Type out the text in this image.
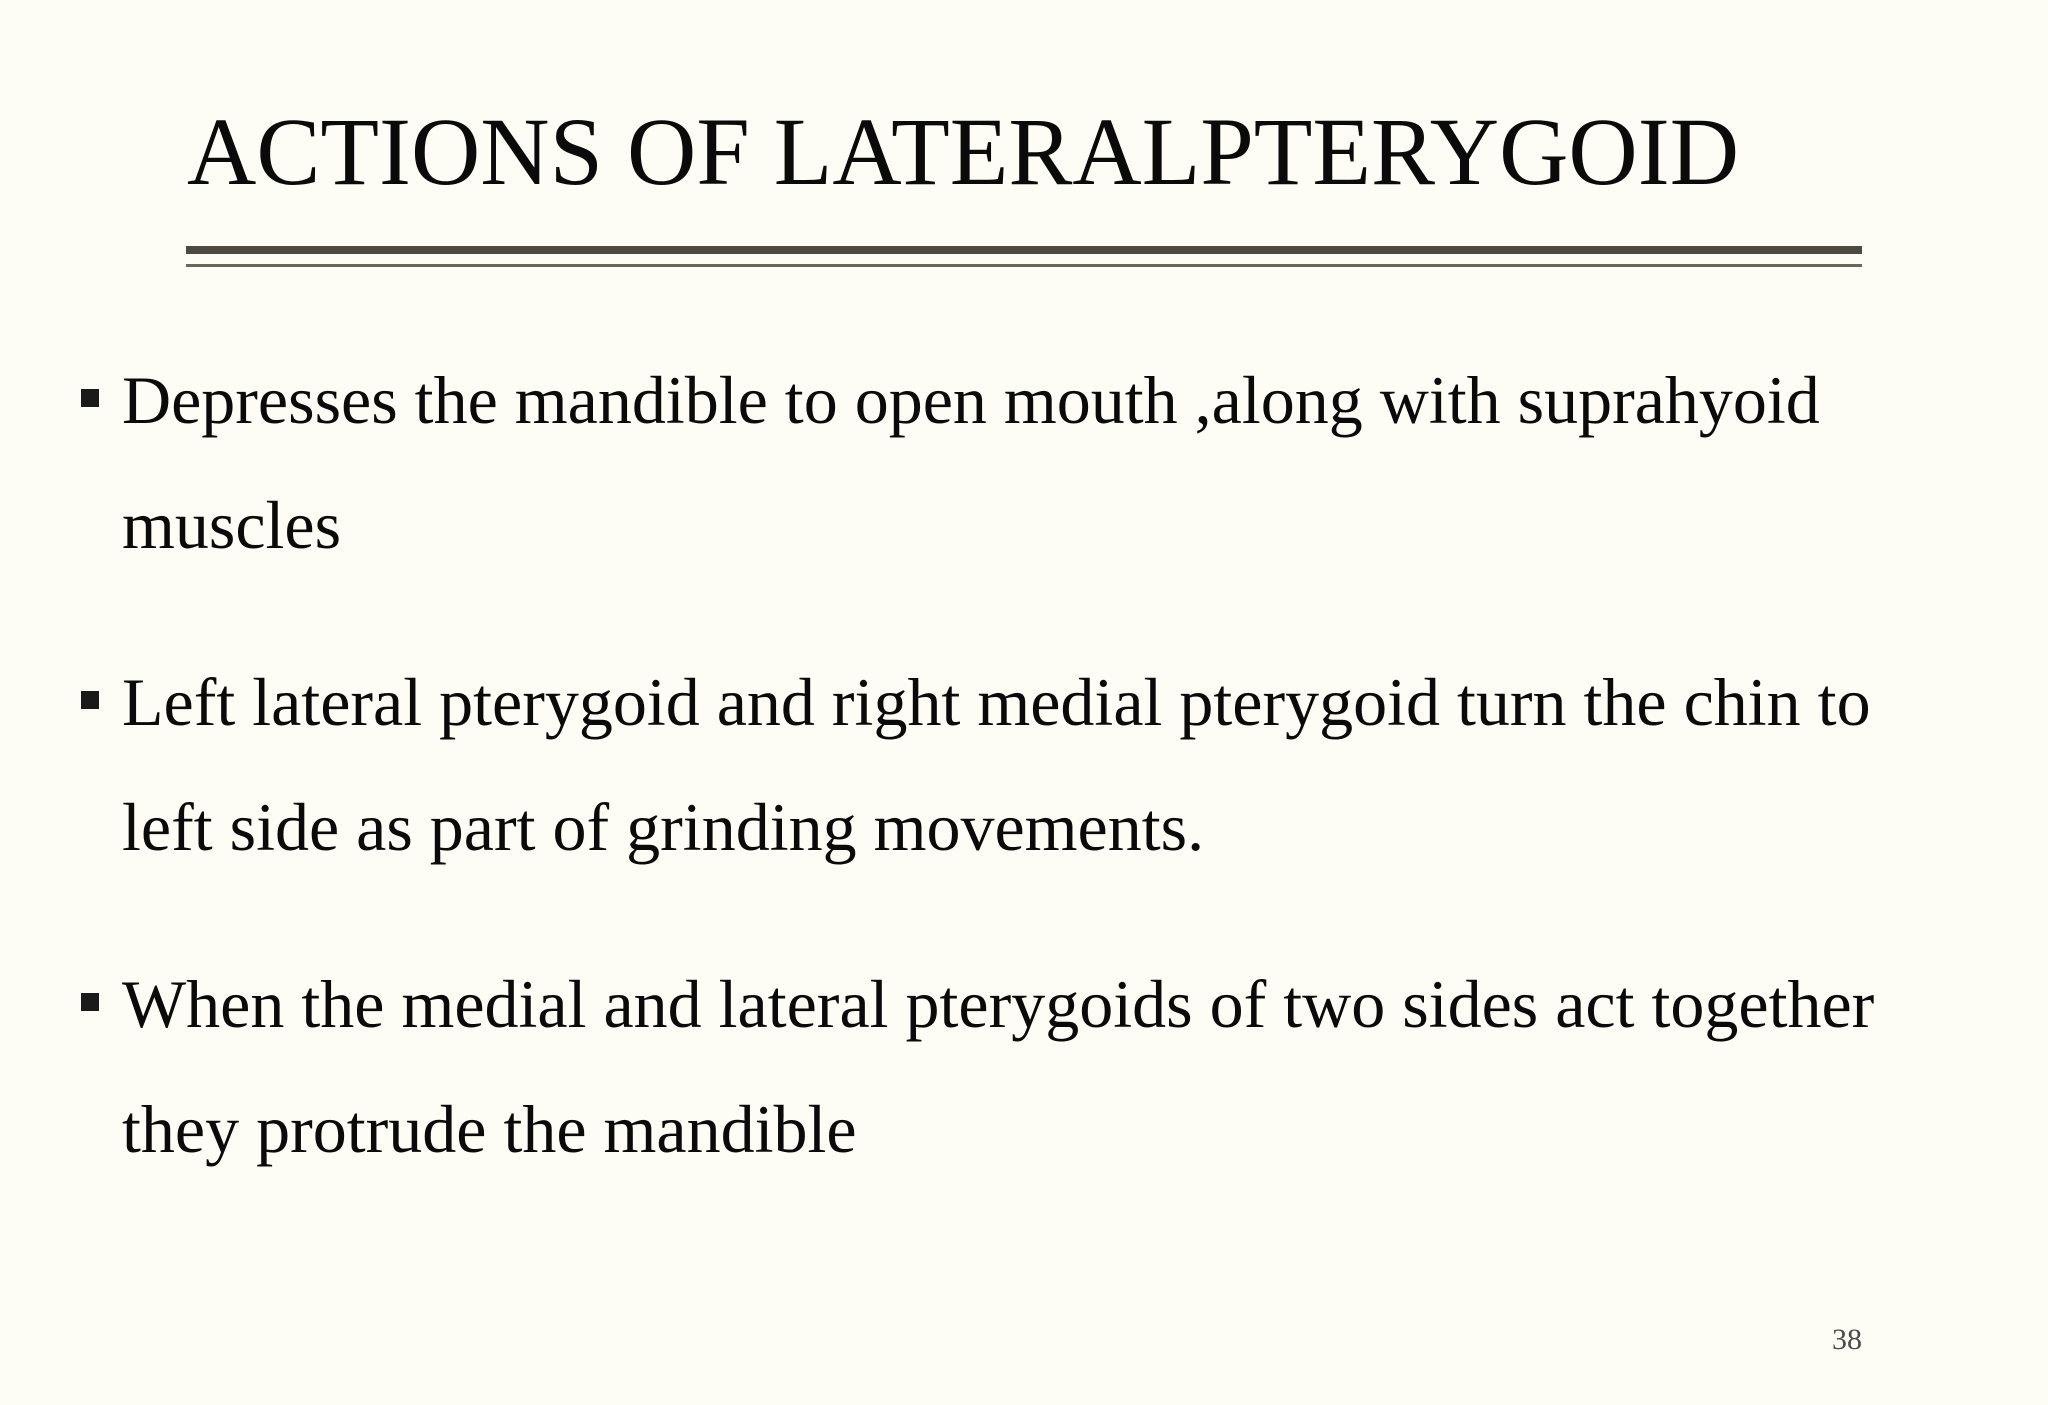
ACTIONS OF LATERALPTERYGOID
Depresses the mandible to open mouth ,along with suprahyoid muscles
Left lateral pterygoid and right medial pterygoid turn the chin to left side as part of grinding movements.
When the medial and lateral pterygoids of two sides act together they protrude the mandible
38
